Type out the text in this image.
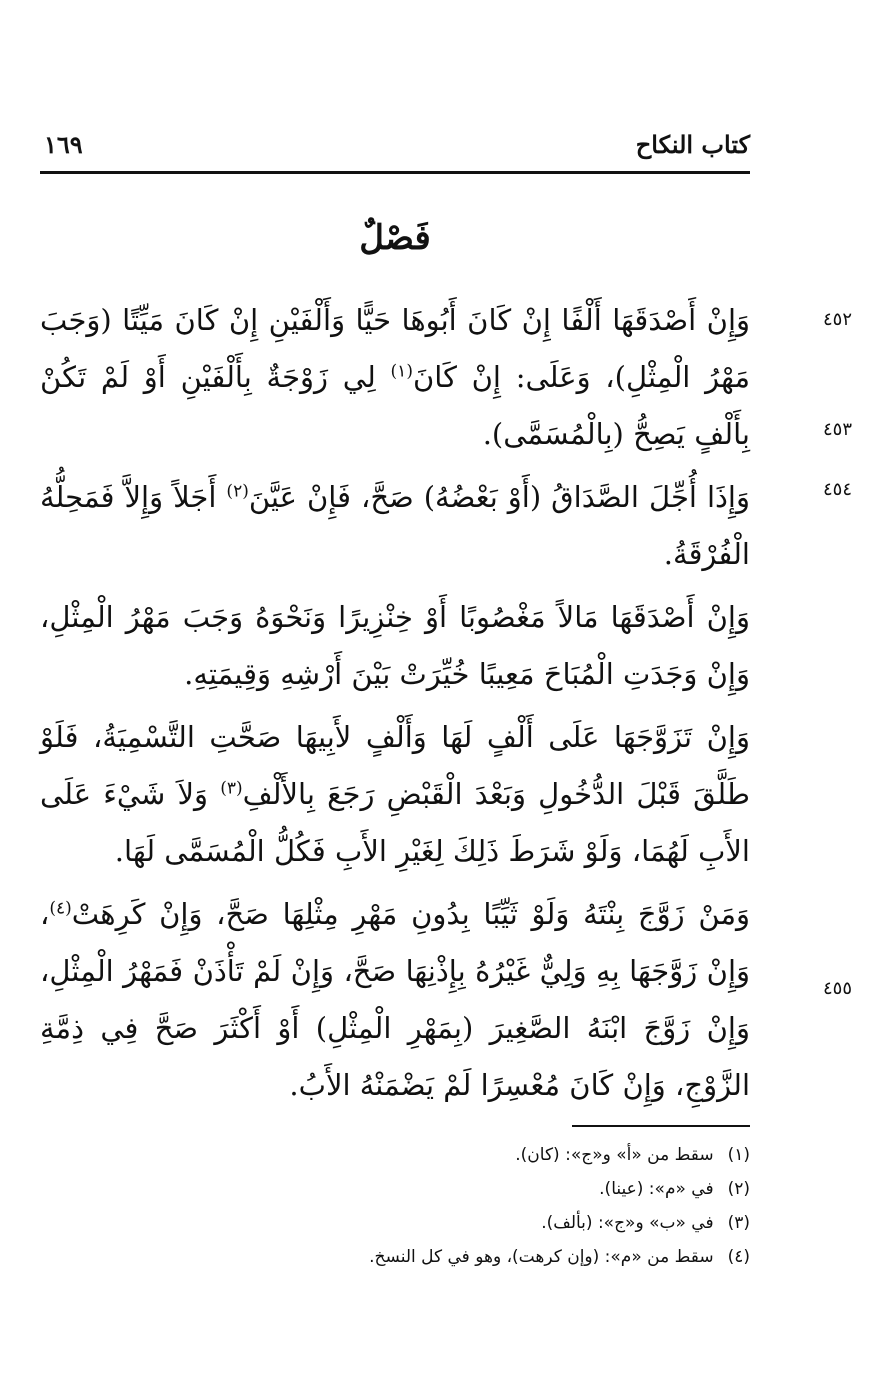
كتاب النكاح
١٦٩
فَصْلٌ
٤٥٢
٤٥٣
٤٥٤
٤٥٥

وَإِنْ أَصْدَقَهَا أَلْفًا إِنْ كَانَ أَبُوهَا حَيًّا وَأَلْفَيْنِ إِنْ كَانَ مَيِّتًا (وَجَبَ مَهْرُ الْمِثْلِ)، وَعَلَى: إِنْ كَانَ$^{(١)}$ لِي زَوْجَةٌ بِأَلْفَيْنِ أَوْ لَمْ تَكُنْ بِأَلْفٍ يَصِحُّ (بِالْمُسَمَّى).

وَإِذَا أُجِّلَ الصَّدَاقُ (أَوْ بَعْضُهُ) صَحَّ، فَإِنْ عَيَّنَ$^{(٢)}$ أَجَلاً وَإِلاَّ فَمَحِلُّهُ الْفُرْقَةُ.

وَإِنْ أَصْدَقَهَا مَالاً مَغْصُوبًا أَوْ خِنْزِيرًا وَنَحْوَهُ وَجَبَ مَهْرُ الْمِثْلِ، وَإِنْ وَجَدَتِ الْمُبَاحَ مَعِيبًا خُيِّرَتْ بَيْنَ أَرْشِهِ وَقِيمَتِهِ.

وَإِنْ تَزَوَّجَهَا عَلَى أَلْفٍ لَهَا وَأَلْفٍ لأَبِيهَا صَحَّتِ التَّسْمِيَةُ، فَلَوْ طَلَّقَ قَبْلَ الدُّخُولِ وَبَعْدَ الْقَبْضِ رَجَعَ بِالأَلْفِ$^{(٣)}$ وَلاَ شَيْءَ عَلَى الأَبِ لَهُمَا، وَلَوْ شَرَطَ ذَلِكَ لِغَيْرِ الأَبِ فَكُلُّ الْمُسَمَّى لَهَا.

وَمَنْ زَوَّجَ بِنْتَهُ وَلَوْ ثَيِّبًا بِدُونِ مَهْرِ مِثْلِهَا صَحَّ، وَإِنْ كَرِهَتْ$^{(٤)}$، وَإِنْ زَوَّجَهَا بِهِ وَلِيٌّ غَيْرُهُ بِإِذْنِهَا صَحَّ، وَإِنْ لَمْ تَأْذَنْ فَمَهْرُ الْمِثْلِ، وَإِنْ زَوَّجَ ابْنَهُ الصَّغِيرَ (بِمَهْرِ الْمِثْلِ) أَوْ أَكْثَرَ صَحَّ فِي ذِمَّةِ الزَّوْجِ، وَإِنْ كَانَ مُعْسِرًا لَمْ يَضْمَنْهُ الأَبُ.

(١)سقط من «أ» و«ج»: (كان).
(٢)في «م»: (عينا).
(٣)في «ب» و«ج»: (بألف).
(٤)سقط من «م»: (وإن كرهت)، وهو في كل النسخ.
